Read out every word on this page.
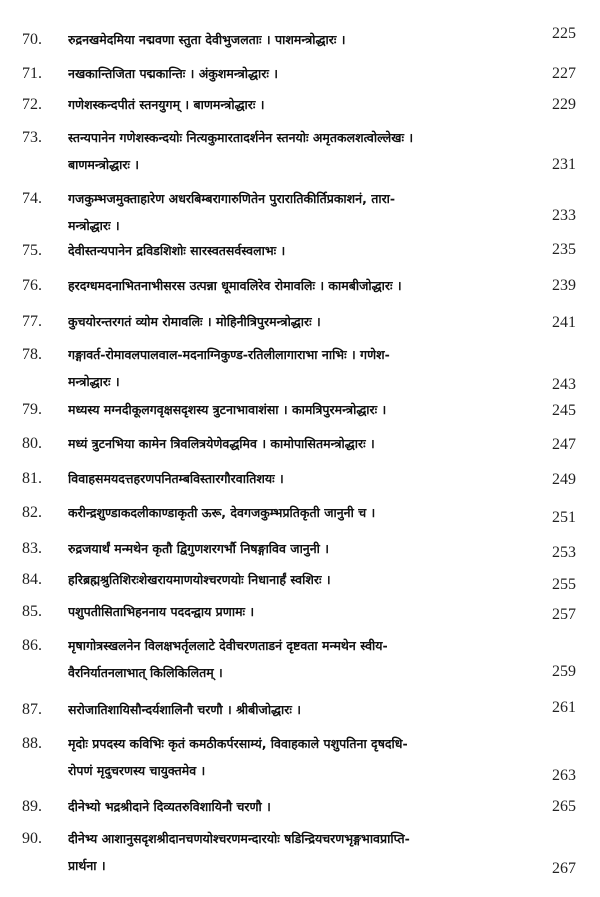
70.	रुद्रनखमेदमिया नद्मवणा स्तुता देवीभुजलताः । पाशमन्त्रोद्धारः ।	225
71.	नखकान्तिजिता पद्मकान्तिः । अंकुशमन्त्रोद्धारः ।	227
72.	गणेशस्कन्दपीतं स्तनयुगम् । बाणमन्त्रोद्धारः ।	229
73.	स्तन्यपानेन गणेशस्कन्दयोः नित्यकुमारतादर्शनेन स्तनयोः अमृतकलशत्वोल्लेखः ।
बाणमन्त्रोद्धारः ।	231
74.	गजकुम्भजमुक्ताहारेण अधरबिम्बरागारुणितेन पुरारातिकीर्तिप्रकाशनं, तारा-
मन्त्रोद्धारः ।
233
75.	देवीस्तन्यपानेन द्रविडशिशोः सारस्वतसर्वस्वलाभः ।	235
76.	हरदग्धमदनाभितनाभीसरस उत्पन्ना धूमावलिरेव रोमावलिः । कामबीजोद्धारः ।	239
77.	कुचयोरन्तरगतं व्योम रोमावलिः । मोहिनीत्रिपुरमन्त्रोद्धारः ।	241
78.	गङ्गावर्त-रोमावलपालवाल-मदनाग्निकुण्ड-रतिलीलागाराभा नाभिः । गणेश-
मन्त्रोद्धारः ।	243
79.	मध्यस्य मग्नदीकूलगवृक्षसदृशस्य त्रुटनाभावाशंसा । कामत्रिपुरमन्त्रोद्धारः ।	245
80.	मध्यं त्रुटनभिया कामेन त्रिवलित्रयेणेवद्धमिव । कामोपासितमन्त्रोद्धारः ।	247
81.	विवाहसमयदत्तहरणपनितम्बविस्तारगौरवातिशयः ।	249
82.	करीन्द्रशुण्डाकदलीकाण्डाकृती ऊरू, देवगजकुम्भप्रतिकृती जानुनी च ।	251
83.	रुद्रजयार्थं मन्मथेन कृतौ द्विगुणशरगर्भौ निषङ्गाविव जानुनी ।	253
84.	हरिब्रह्मश्रुतिशिरःशेखरायमाणयोश्चरणयोः निधानार्हं स्वशिरः ।	255
85.	पशुपतीसिताभिहननाय पददन्द्वाय प्रणामः ।	257
86.	मृषागोत्रस्खलनेन विलक्षभर्तृललाटे देवीचरणताडनं दृष्टवता मन्मथेन स्वीय-
वैरनिर्यातनलाभात् किलिकिलितम् ।	259
87.	सरोजातिशायिसौन्दर्यशालिनौ चरणौ । श्रीबीजोद्धारः ।	261
88.	मृदोः प्रपदस्य कविभिः कृतं कमठीकर्परसाम्यं, विवाहकाले पशुपतिना दृषदधि-
रोपणं मृदुचरणस्य चायुक्तमेव ।	263
89.	दीनेभ्यो भद्रश्रीदाने दिव्यतरुविशायिनौ चरणौ ।	265
90.	दीनेभ्य आशानुसदृशश्रीदानचणयोश्चरणमन्दारयोः षडिन्द्रियचरणभृङ्गभावप्राप्ति-
प्रार्थना ।	267
